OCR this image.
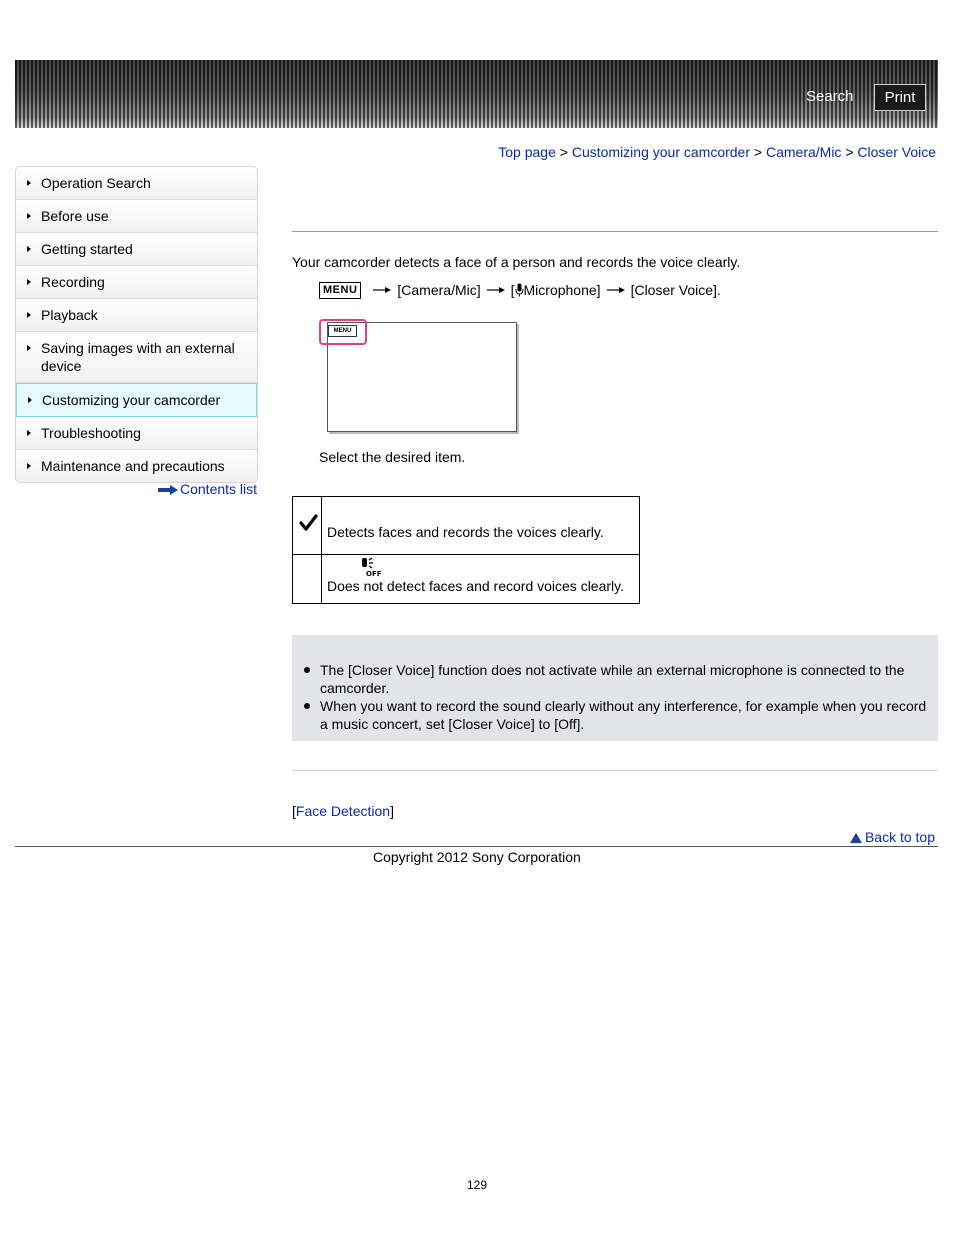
Search	Print
Top page > Customizing your camcorder > Camera/Mic > Closer Voice
Operation Search
Before use
Getting started
Recording
Playback
Saving images with an external device
Customizing your camcorder
Troubleshooting
Maintenance and precautions
Contents list
Your camcorder detects a face of a person and records the voice clearly.
MENU	[Camera/Mic] [ Microphone] [Closer Voice].
MENU
Select the desired item.

Detects faces and records the voices clearly.

OFF
Does not detect faces and record voices clearly.
The [Closer Voice] function does not activate while an external microphone is connected to the camcorder.
When you want to record the sound clearly without any interference, for example when you record a music concert, set [Closer Voice] to [Off].
[Face Detection]
Back to top
Copyright 2012 Sony Corporation
129
